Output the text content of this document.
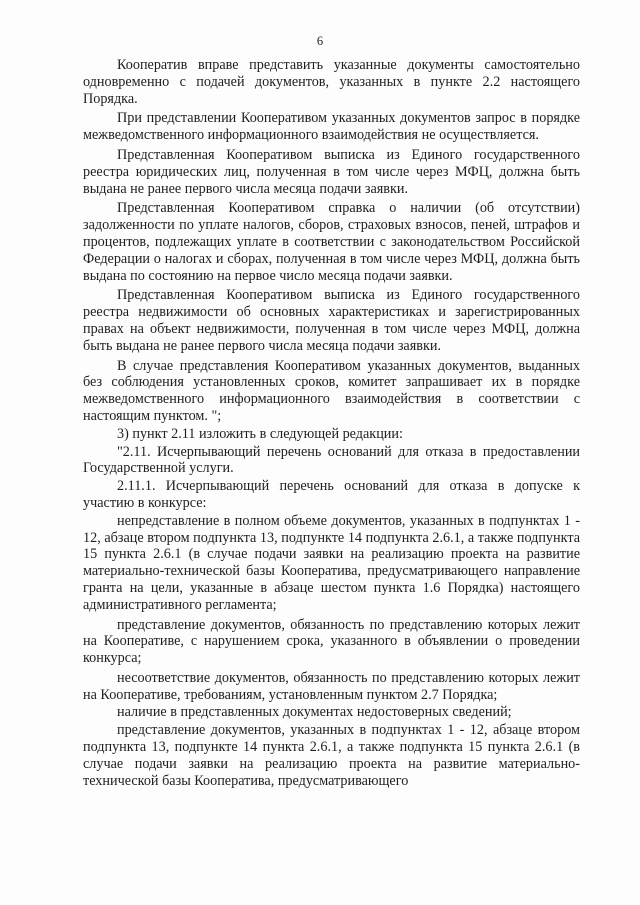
6

Кооператив вправе представить указанные документы самостоятельно одновременно с подачей документов, указанных в пункте 2.2 настоящего Порядка.

При представлении Кооперативом указанных документов запрос в порядке межведомственного информационного взаимодействия не осуществляется.

Представленная Кооперативом выписка из Единого государственного реестра юридических лиц, полученная в том числе через МФЦ, должна быть выдана не ранее первого числа месяца подачи заявки.

Представленная Кооперативом справка о наличии (об отсутствии) задолженности по уплате налогов, сборов, страховых взносов, пеней, штрафов и процентов, подлежащих уплате в соответствии с законодательством Российской Федерации о налогах и сборах, полученная в том числе через МФЦ, должна быть выдана по состоянию на первое число месяца подачи заявки.

Представленная Кооперативом выписка из Единого государственного реестра недвижимости об основных характеристиках и зарегистрированных правах на объект недвижимости, полученная в том числе через МФЦ, должна быть выдана не ранее первого числа месяца подачи заявки.

В случае представления Кооперативом указанных документов, выданных без соблюдения установленных сроков, комитет запрашивает их в порядке межведомственного информационного взаимодействия в соответствии с настоящим пунктом. ";

3) пункт 2.11 изложить в следующей редакции:

"2.11. Исчерпывающий перечень оснований для отказа в предоставлении Государственной услуги.

2.11.1. Исчерпывающий перечень оснований для отказа в допуске к участию в конкурсе:

непредставление в полном объеме документов, указанных в подпунктах 1 - 12, абзаце втором подпункта 13, подпункте 14 подпункта 2.6.1, а также подпункта 15 пункта 2.6.1 (в случае подачи заявки на реализацию проекта на развитие материально-технической базы Кооператива, предусматривающего направление гранта на цели, указанные в абзаце шестом пункта 1.6 Порядка) настоящего административного регламента;

представление документов, обязанность по представлению которых лежит на Кооперативе, с нарушением срока, указанного в объявлении о проведении конкурса;

несоответствие документов, обязанность по представлению которых лежит на Кооперативе, требованиям, установленным пунктом 2.7 Порядка;

наличие в представленных документах недостоверных сведений;

представление документов, указанных в подпунктах 1 - 12, абзаце втором подпункта 13, подпункте 14 пункта 2.6.1, а также подпункта 15 пункта 2.6.1 (в случае подачи заявки на реализацию проекта на развитие материально-технической базы Кооператива, предусматривающего
